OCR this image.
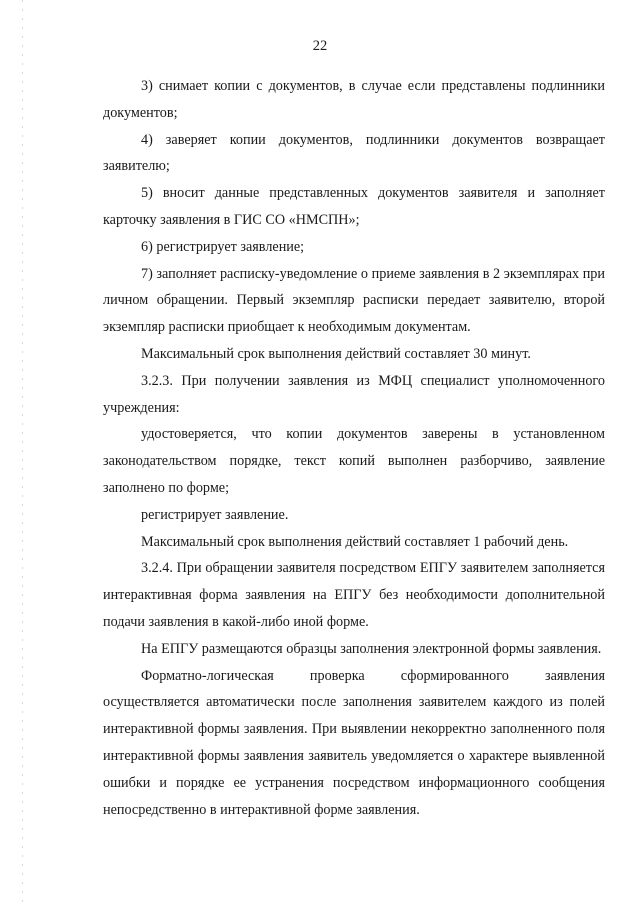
22

3) снимает копии с документов, в случае если представлены подлинники документов;

4) заверяет копии документов, подлинники документов возвращает заявителю;

5) вносит данные представленных документов заявителя и заполняет карточку заявления в ГИС СО «НМСПН»;

6) регистрирует заявление;

7) заполняет расписку-уведомление о приеме заявления в 2 экземплярах при личном обращении. Первый экземпляр расписки передает заявителю, второй экземпляр расписки приобщает к необходимым документам.

Максимальный срок выполнения действий составляет 30 минут.

3.2.3. При получении заявления из МФЦ специалист уполномоченного учреждения:

удостоверяется, что копии документов заверены в установленном законодательством порядке, текст копий выполнен разборчиво, заявление заполнено по форме;

регистрирует заявление.

Максимальный срок выполнения действий составляет 1 рабочий день.

3.2.4. При обращении заявителя посредством ЕПГУ заявителем заполняется интерактивная форма заявления на ЕПГУ без необходимости дополнительной подачи заявления в какой-либо иной форме.

На ЕПГУ размещаются образцы заполнения электронной формы заявления.

Форматно-логическая проверка сформированного заявления осуществляется автоматически после заполнения заявителем каждого из полей интерактивной формы заявления. При выявлении некорректно заполненного поля интерактивной формы заявления заявитель уведомляется о характере выявленной ошибки и порядке ее устранения посредством информационного сообщения непосредственно в интерактивной форме заявления.
